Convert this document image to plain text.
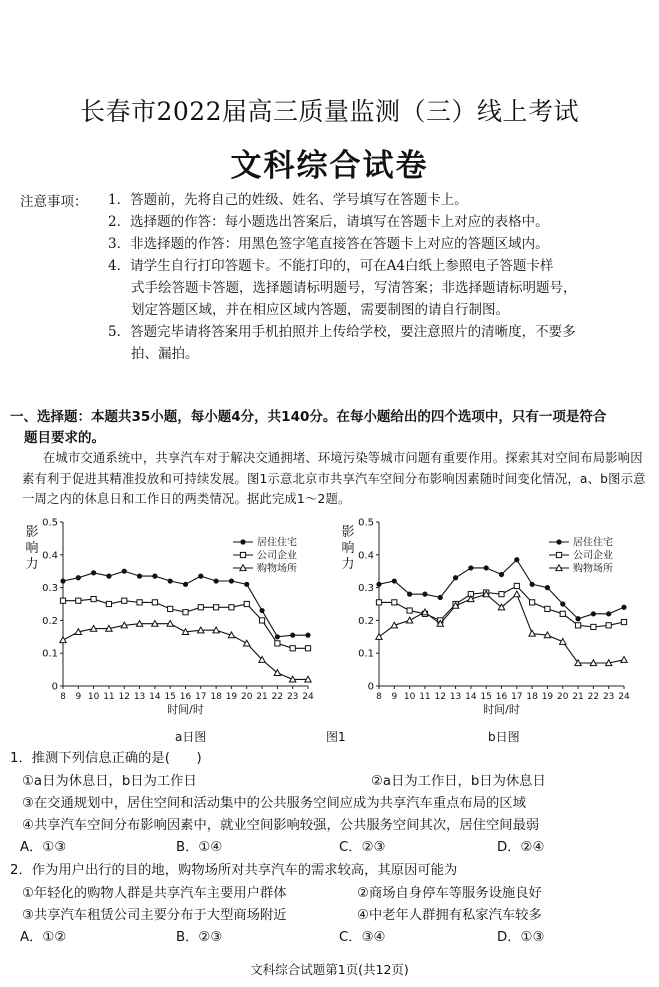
长春市2022届高三质量监测（三）线上考试
文科综合试卷
注意事项： 1．答题前，先将自己的姓级、姓名、学号填写在答题卡上。
2．选择题的作答：每小题选出答案后，请填写在答题卡上对应的表格中。
3．非选择题的作答：用黑色签字笔直接答在答题卡上对应的答题区域内。
4．请学生自行打印答题卡。不能打印的，可在A4白纸上参照电子答题卡样
式手绘答题卡答题，选择题请标明题号，写清答案；非选择题请标明题号，
划定答题区域，并在相应区域内答题，需要制图的请自行制图。
5．答题完毕请将答案用手机拍照并上传给学校，要注意照片的清晰度，不要多
拍、漏拍。
一、选择题：本题共35小题，每小题4分，共140分。在每小题给出的四个选项中，只有一项是符合
题目要求的。
在城市交通系统中，共享汽车对于解决交通拥堵、环境污染等城市问题有重要作用。探索其对空间布局影响因素有利于促进其精准投放和可持续发展。图1示意北京市共享汽车空间分布影响因素随时间变化情况，a、b图示意一周之内的休息日和工作日的两类情况。据此完成1～2题。
0
0.1
0.2
0.3
0.4
0.5
8 9 10 11 12 13 14 15 16 17 18 19 20 21 22 23 24
影
响
力
时间/时
居住住宅
公司企业
购物场所
0
0.1
0.2
0.3
0.4
0.5
8 9 10 11 12 13 14 15 16 17 18 19 20 21 22 23 24
影
响
力
时间/时
居住住宅
公司企业
购物场所
a日图	图1	b日图
1．推测下列信息正确的是(　　)
①a日为休息日，b日为工作日	②a日为工作日，b日为休息日
③在交通规划中，居住空间和活动集中的公共服务空间应成为共享汽车重点布局的区域
④共享汽车空间分布影响因素中，就业空间影响较强，公共服务空间其次，居住空间最弱
A．①③	B．①④	C．②③	D．②④
2．作为用户出行的目的地，购物场所对共享汽车的需求较高，其原因可能为
①年轻化的购物人群是共享汽车主要用户群体	②商场自身停车等服务设施良好
③共享汽车租赁公司主要分布于大型商场附近	④中老年人群拥有私家汽车较多
A．①②	B．②③	C．③④	D．①③
文科综合试题第1页(共12页)
